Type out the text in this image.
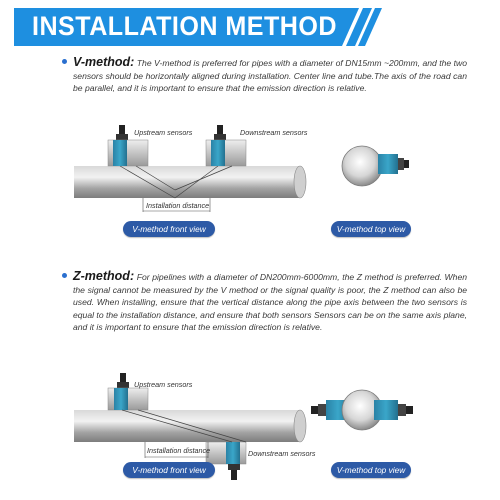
INSTALLATION METHOD
V-method: The V-method is preferred for pipes with a diameter of DN15mm ~200mm, and the two sensors should be horizontally aligned during installation. Center line and tube.The axis of the road can be parallel, and it is important to ensure that the emission direction is relative.
Upstream sensors	Downstream sensors
Installation distance
V-method front view	V-method top view
Z-method: For pipelines with a diameter of DN200mm-6000mm, the Z method is preferred. When the signal cannot be measured by the V method or the signal quality is poor, the Z method can also be used. When installing, ensure that the vertical distance along the pipe axis between the two sensors is equal to the installation distance, and ensure that both sensors Sensors can be on the same axis plane, and it is important to ensure that the emission direction is relative.
Upstream sensors
Installation distance	Downstream sensors
V-method front view	V-method top view
